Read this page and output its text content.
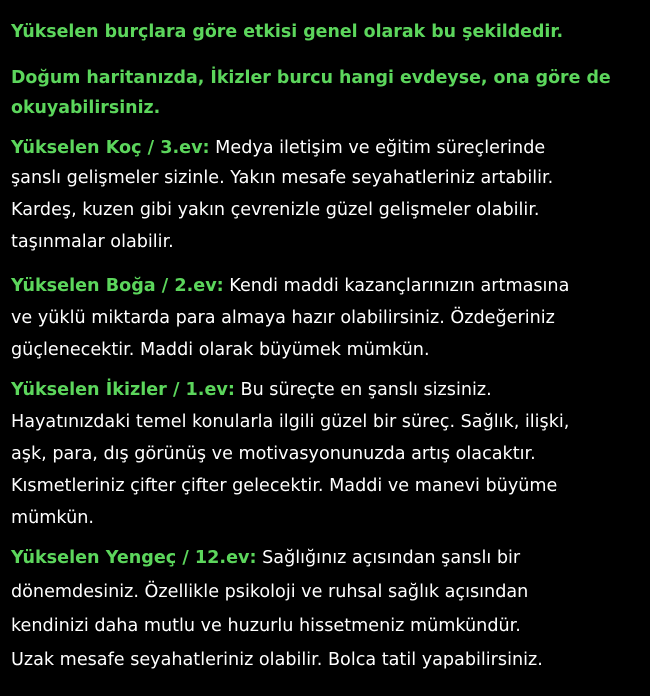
Yükselen burçlara göre etkisi genel olarak bu şekildedir.
Doğum haritanızda, İkizler burcu hangi evdeyse, ona göre de
okuyabilirsiniz.
Yükselen Koç / 3.ev: Medya iletişim ve eğitim süreçlerinde
şanslı gelişmeler sizinle. Yakın mesafe seyahatleriniz artabilir.
Kardeş, kuzen gibi yakın çevrenizle güzel gelişmeler olabilir.
taşınmalar olabilir.
Yükselen Boğa / 2.ev: Kendi maddi kazançlarınızın artmasına
ve yüklü miktarda para almaya hazır olabilirsiniz. Özdeğeriniz
güçlenecektir. Maddi olarak büyümek mümkün.
Yükselen İkizler / 1.ev: Bu süreçte en şanslı sizsiniz.
Hayatınızdaki temel konularla ilgili güzel bir süreç. Sağlık, ilişki,
aşk, para, dış görünüş ve motivasyonunuzda artış olacaktır.
Kısmetleriniz çifter çifter gelecektir. Maddi ve manevi büyüme
mümkün.
Yükselen Yengeç / 12.ev: Sağlığınız açısından şanslı bir
dönemdesiniz. Özellikle psikoloji ve ruhsal sağlık açısından
kendinizi daha mutlu ve huzurlu hissetmeniz mümkündür.
Uzak mesafe seyahatleriniz olabilir. Bolca tatil yapabilirsiniz.
